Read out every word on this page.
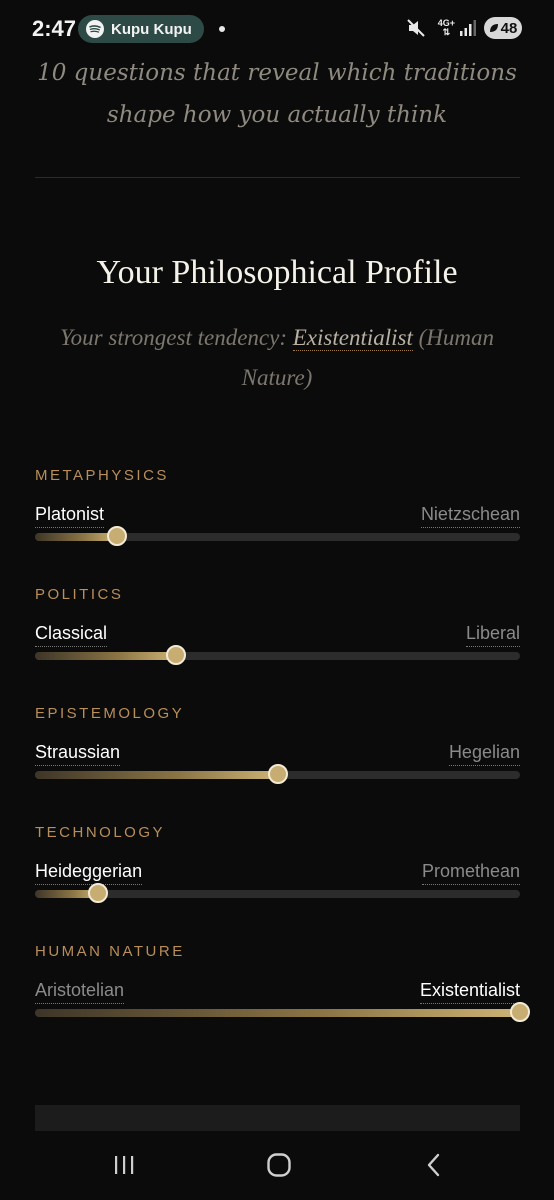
2:47 Kupu Kupu	4G+
⇅	48
10 questions that reveal which traditions shape how you actually think
Your Philosophical Profile
Your strongest tendency: Existentialist (Human Nature)
METAPHYSICS
Platonist	Nietzschean
POLITICS
Classical	Liberal
EPISTEMOLOGY
Straussian	Hegelian
TECHNOLOGY
Heideggerian	Promethean
HUMAN NATURE
Aristotelian	Existentialist
